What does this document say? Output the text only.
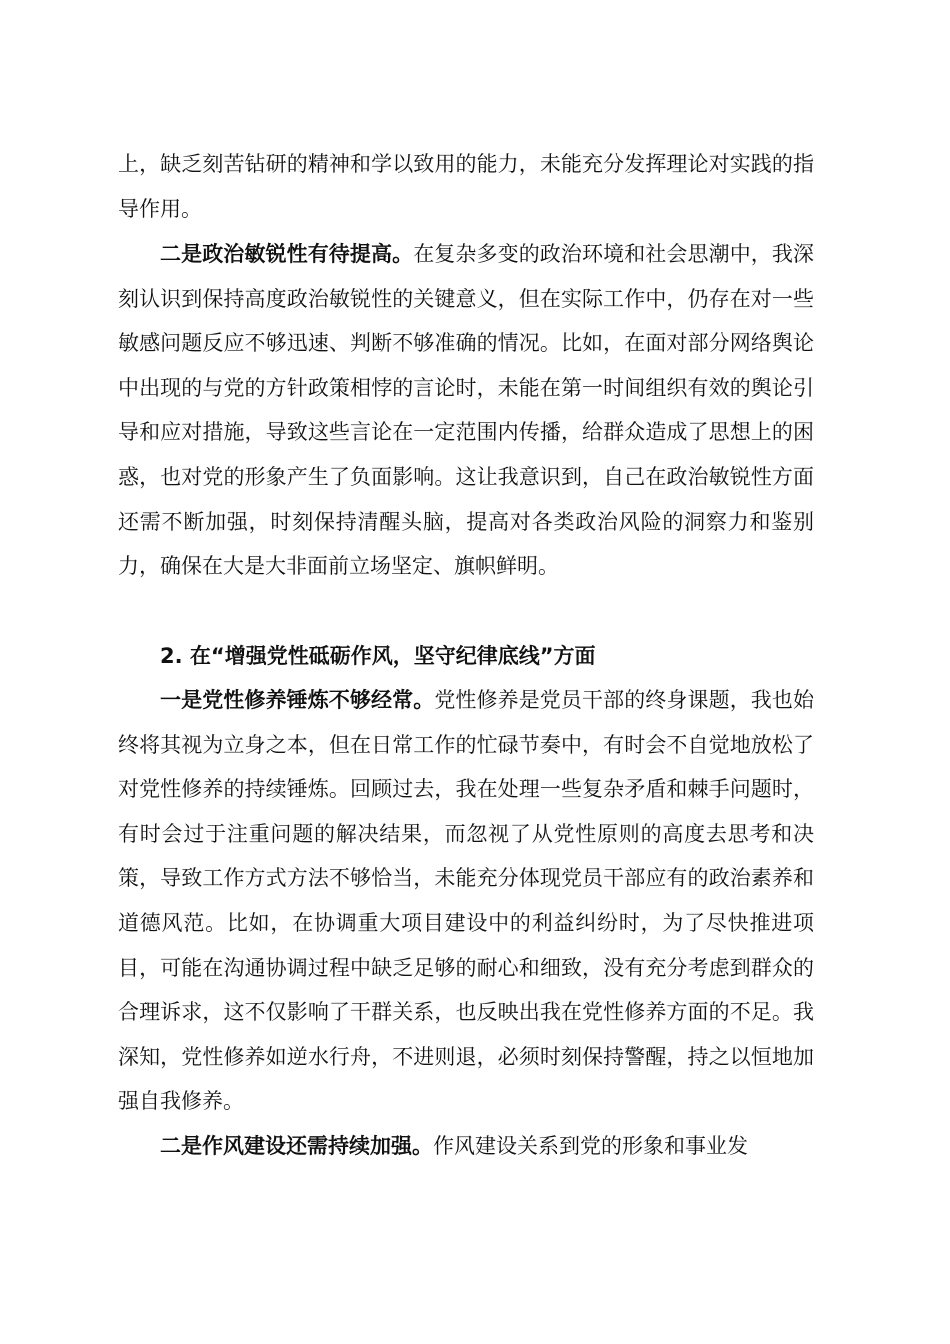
上，缺乏刻苦钻研的精神和学以致用的能力，未能充分发挥理论对实践的指导作用。

二是政治敏锐性有待提高。在复杂多变的政治环境和社会思潮中，我深刻认识到保持高度政治敏锐性的关键意义，但在实际工作中，仍存在对一些敏感问题反应不够迅速、判断不够准确的情况。比如，在面对部分网络舆论中出现的与党的方针政策相悖的言论时，未能在第一时间组织有效的舆论引导和应对措施，导致这些言论在一定范围内传播，给群众造成了思想上的困惑，也对党的形象产生了负面影响。这让我意识到，自己在政治敏锐性方面还需不断加强，时刻保持清醒头脑，提高对各类政治风险的洞察力和鉴别力，确保在大是大非面前立场坚定、旗帜鲜明。

2. 在“增强党性砥砺作风，坚守纪律底线”方面

一是党性修养锤炼不够经常。党性修养是党员干部的终身课题，我也始终将其视为立身之本，但在日常工作的忙碌节奏中，有时会不自觉地放松了对党性修养的持续锤炼。回顾过去，我在处理一些复杂矛盾和棘手问题时，有时会过于注重问题的解决结果，而忽视了从党性原则的高度去思考和决策，导致工作方式方法不够恰当，未能充分体现党员干部应有的政治素养和道德风范。比如，在协调重大项目建设中的利益纠纷时，为了尽快推进项目，可能在沟通协调过程中缺乏足够的耐心和细致，没有充分考虑到群众的合理诉求，这不仅影响了干群关系，也反映出我在党性修养方面的不足。我深知，党性修养如逆水行舟，不进则退，必须时刻保持警醒，持之以恒地加强自我修养。

二是作风建设还需持续加强。作风建设关系到党的形象和事业发
